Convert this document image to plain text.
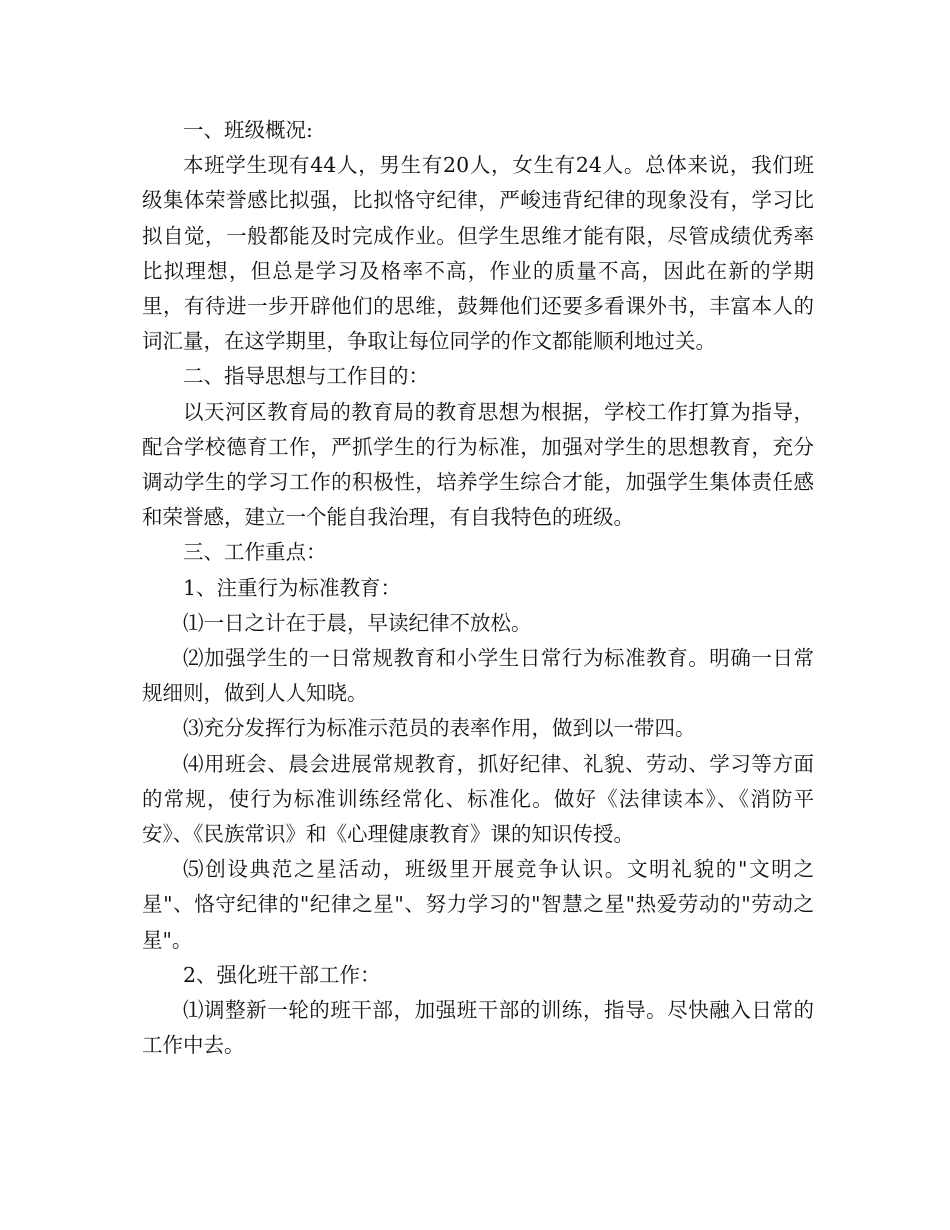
一、班级概况:

本班学生现有44人，男生有20人，女生有24人。总体来说，我们班级集体荣誉感比拟强，比拟恪守纪律，严峻违背纪律的现象没有，学习比拟自觉，一般都能及时完成作业。但学生思维才能有限，尽管成绩优秀率比拟理想，但总是学习及格率不高，作业的质量不高，因此在新的学期里，有待进一步开辟他们的思维，鼓舞他们还要多看课外书，丰富本人的词汇量，在这学期里，争取让每位同学的作文都能顺利地过关。

二、指导思想与工作目的：

以天河区教育局的教育局的教育思想为根据，学校工作打算为指导，配合学校德育工作，严抓学生的行为标准，加强对学生的思想教育，充分调动学生的学习工作的积极性，培养学生综合才能，加强学生集体责任感和荣誉感，建立一个能自我治理，有自我特色的班级。

三、工作重点：

1、注重行为标准教育：

⑴一日之计在于晨，早读纪律不放松。

⑵加强学生的一日常规教育和小学生日常行为标准教育。明确一日常规细则，做到人人知晓。

⑶充分发挥行为标准示范员的表率作用，做到以一带四。

⑷用班会、晨会进展常规教育，抓好纪律、礼貌、劳动、学习等方面的常规，使行为标准训练经常化、标准化。做好《法律读本》、《消防平安》、《民族常识》和《心理健康教育》课的知识传授。

⑸创设典范之星活动，班级里开展竞争认识。文明礼貌的"文明之星"、恪守纪律的"纪律之星"、努力学习的"智慧之星"热爱劳动的"劳动之星"。

2、强化班干部工作：

⑴调整新一轮的班干部，加强班干部的训练，指导。尽快融入日常的工作中去。
